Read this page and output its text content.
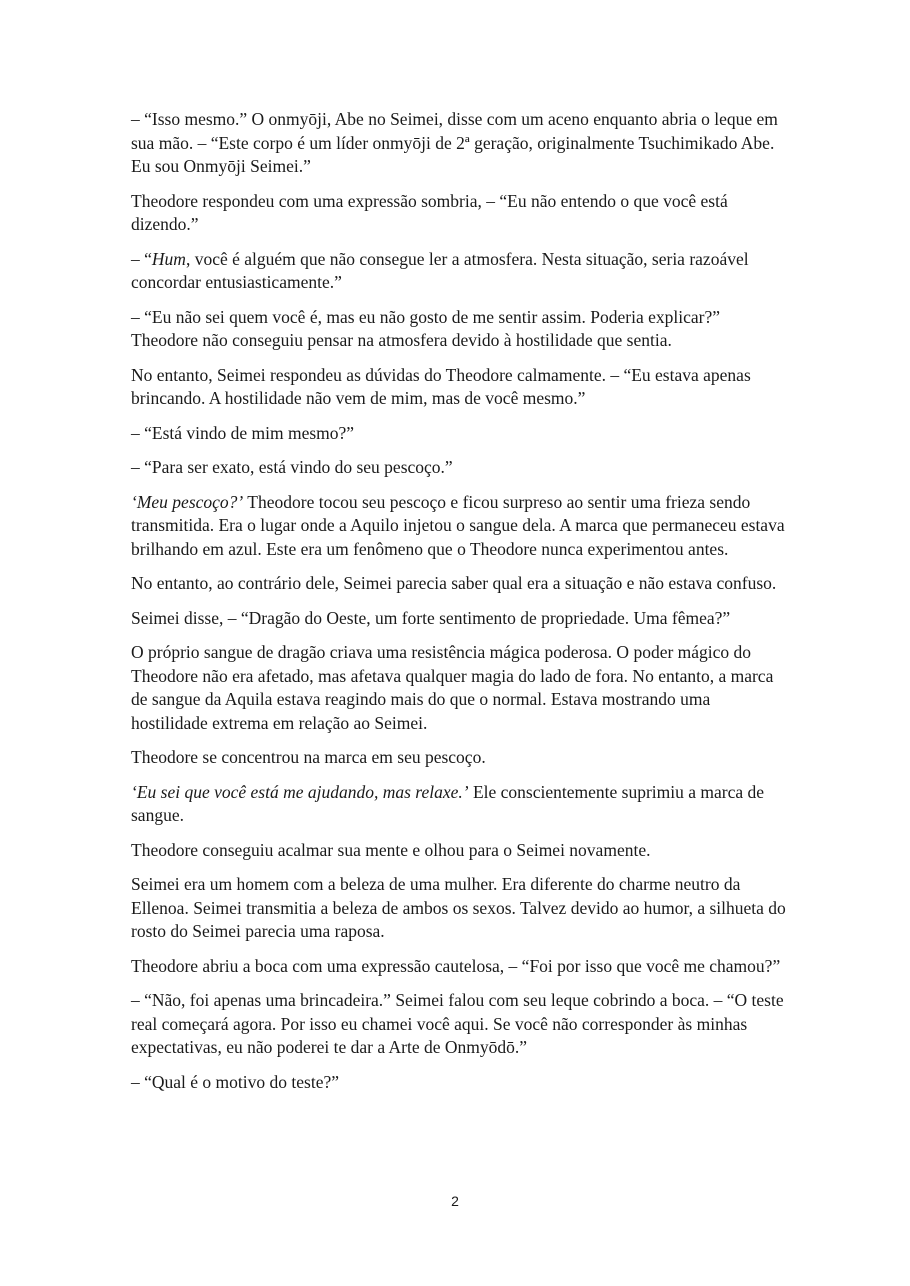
– “Isso mesmo.” O onmyōji, Abe no Seimei, disse com um aceno enquanto abria o leque em sua mão. – “Este corpo é um líder onmyōji de 2ª geração, originalmente Tsuchimikado Abe. Eu sou Onmyōji Seimei.”

Theodore respondeu com uma expressão sombria, – “Eu não entendo o que você está dizendo.”

– “Hum, você é alguém que não consegue ler a atmosfera. Nesta situação, seria razoável concordar entusiasticamente.”

– “Eu não sei quem você é, mas eu não gosto de me sentir assim. Poderia explicar?” Theodore não conseguiu pensar na atmosfera devido à hostilidade que sentia.

No entanto, Seimei respondeu as dúvidas do Theodore calmamente. – “Eu estava apenas brincando. A hostilidade não vem de mim, mas de você mesmo.”

– “Está vindo de mim mesmo?”

– “Para ser exato, está vindo do seu pescoço.”

‘Meu pescoço?’ Theodore tocou seu pescoço e ficou surpreso ao sentir uma frieza sendo transmitida. Era o lugar onde a Aquilo injetou o sangue dela. A marca que permaneceu estava brilhando em azul. Este era um fenômeno que o Theodore nunca experimentou antes.

No entanto, ao contrário dele, Seimei parecia saber qual era a situação e não estava confuso.

Seimei disse, – “Dragão do Oeste, um forte sentimento de propriedade. Uma fêmea?”

O próprio sangue de dragão criava uma resistência mágica poderosa. O poder mágico do Theodore não era afetado, mas afetava qualquer magia do lado de fora. No entanto, a marca de sangue da Aquila estava reagindo mais do que o normal. Estava mostrando uma hostilidade extrema em relação ao Seimei.

Theodore se concentrou na marca em seu pescoço.

‘Eu sei que você está me ajudando, mas relaxe.’ Ele conscientemente suprimiu a marca de sangue.

Theodore conseguiu acalmar sua mente e olhou para o Seimei novamente.

Seimei era um homem com a beleza de uma mulher. Era diferente do charme neutro da Ellenoa. Seimei transmitia a beleza de ambos os sexos. Talvez devido ao humor, a silhueta do rosto do Seimei parecia uma raposa.

Theodore abriu a boca com uma expressão cautelosa, – “Foi por isso que você me chamou?”

– “Não, foi apenas uma brincadeira.” Seimei falou com seu leque cobrindo a boca. – “O teste real começará agora. Por isso eu chamei você aqui. Se você não corresponder às minhas expectativas, eu não poderei te dar a Arte de Onmyōdō.”

– “Qual é o motivo do teste?”

2
